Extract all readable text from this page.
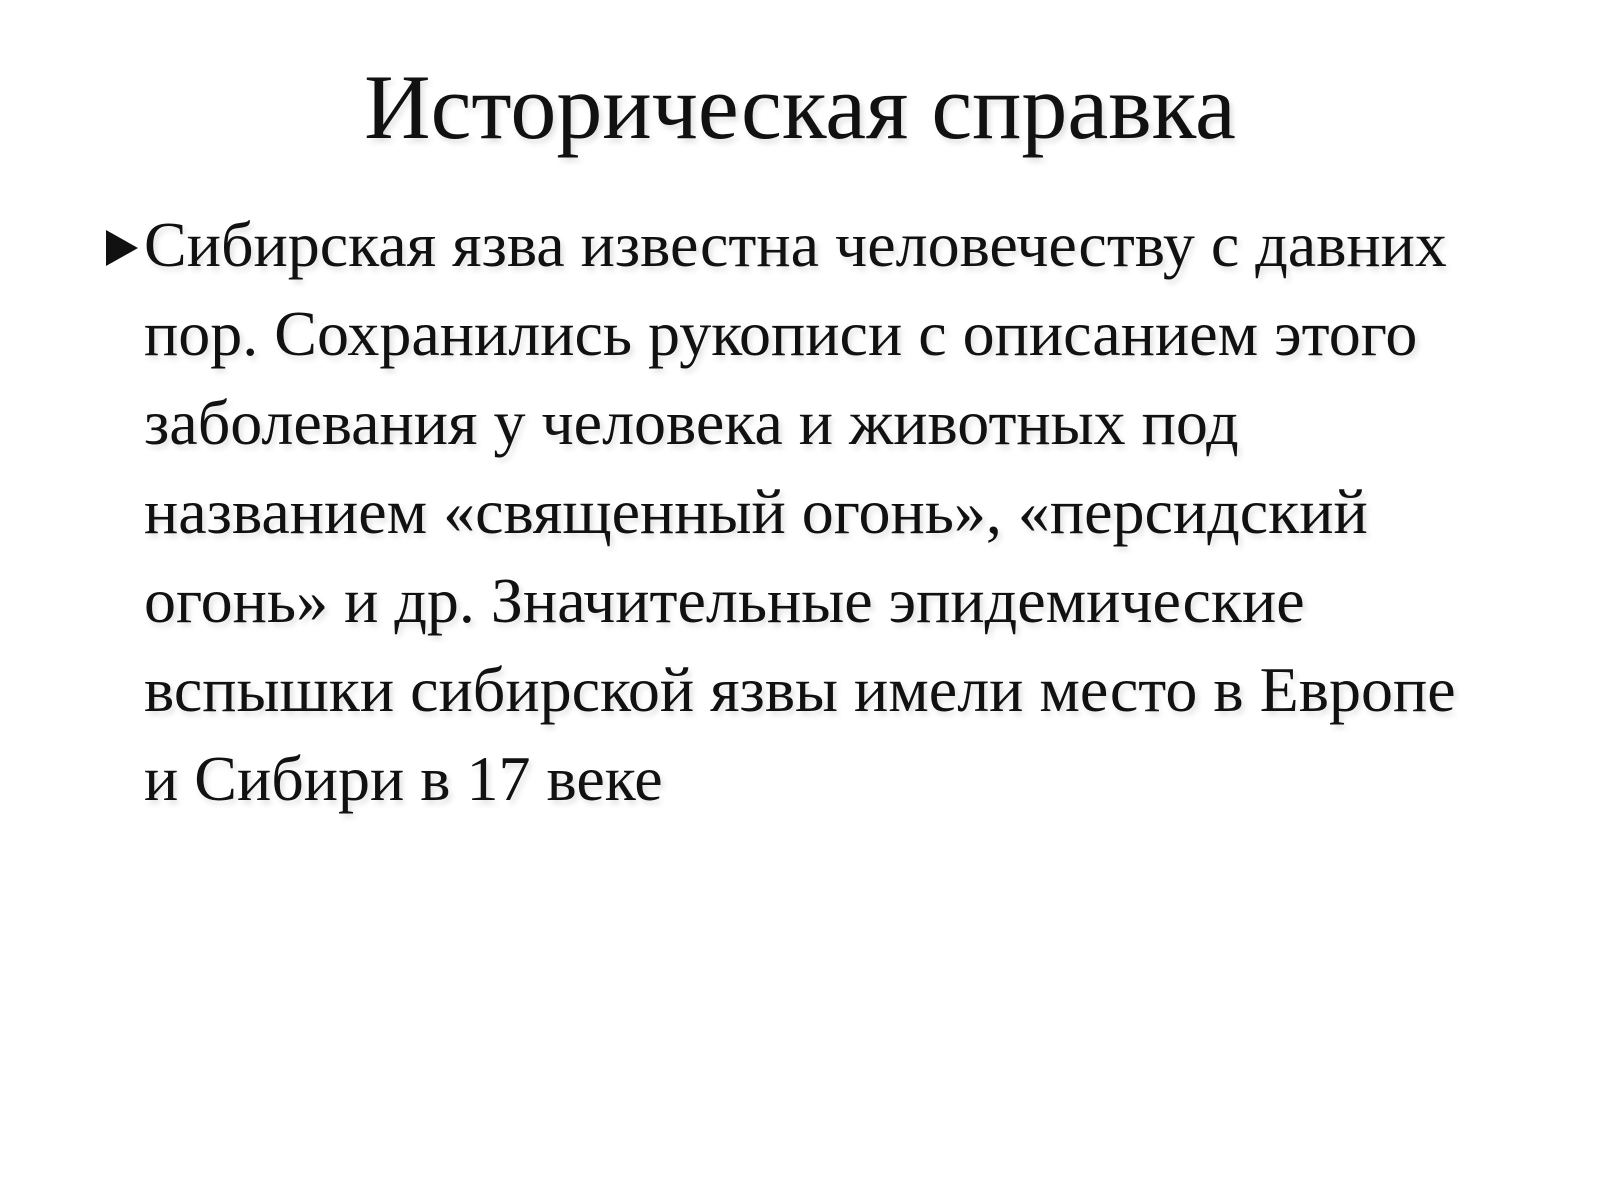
Историческая справка
Сибирская язва известна человечеству с давних пор. Сохранились рукописи с описанием этого заболевания у человека и животных под названием «священный огонь», «персидский огонь» и др. Значительные эпидемические вспышки сибирской язвы имели место в Европе и Сибири в 17 веке
